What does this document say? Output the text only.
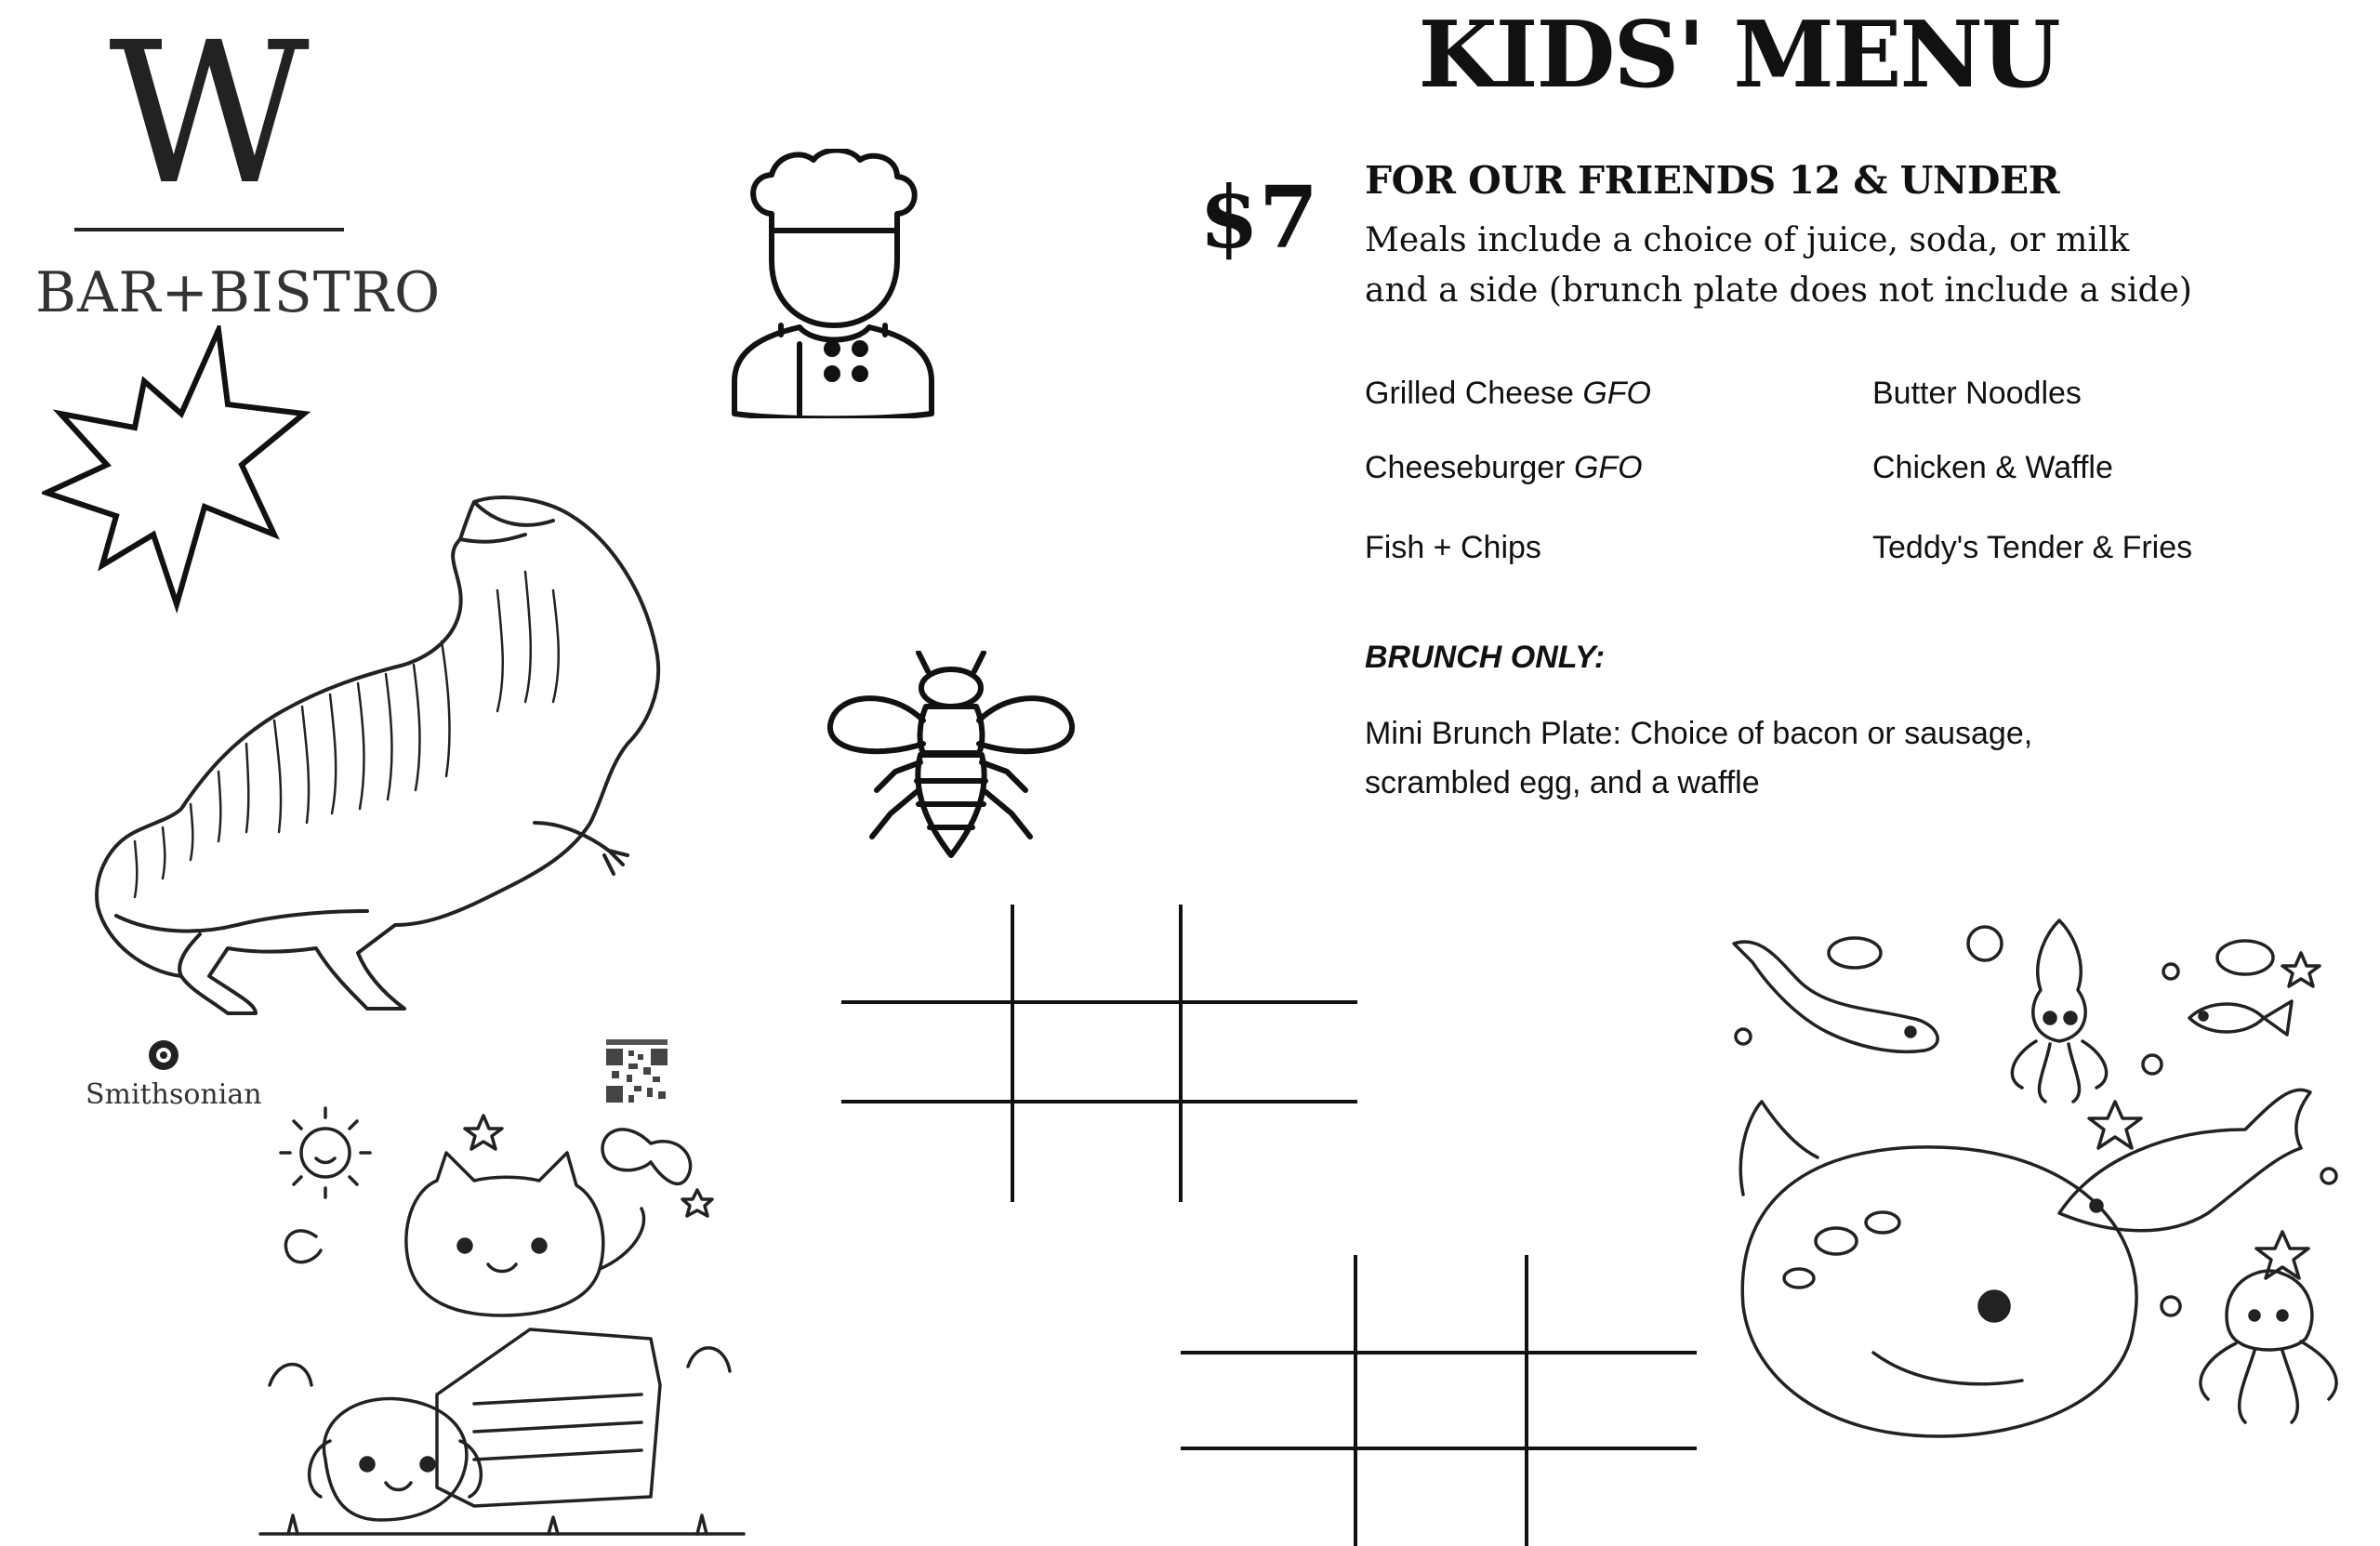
W
BAR+BISTRO
Smithsonian
KIDS' MENU
$7 FOR OUR FRIENDS 12 & UNDER
Meals include a choice of juice, soda, or milk
and a side (brunch plate does not include a side)
Grilled Cheese GFO	Butter Noodles
Cheeseburger GFO	Chicken & Waffle
Fish + Chips	Teddy's Tender & Fries
BRUNCH ONLY:
Mini Brunch Plate: Choice of bacon or sausage,
scrambled egg, and a waffle
